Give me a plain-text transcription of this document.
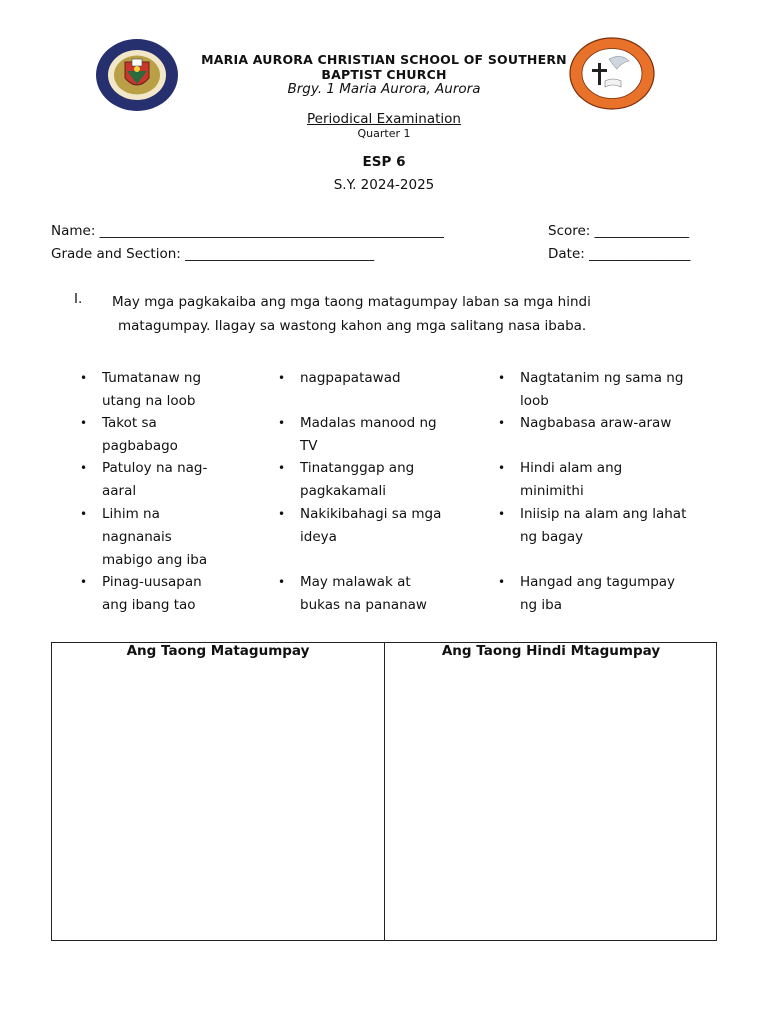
MARIA AURORA CHRISTIAN SCHOOL OF SOUTHERN BAPTIST CHURCH
Brgy. 1 Maria Aurora, Aurora
Periodical Examination
Quarter 1
ESP 6
S.Y. 2024-2025
Name: ___________________________________________________	Score: ______________
Grade and Section: ____________________________	Date: _______________
I. May mga pagkakaiba ang mga taong matagumpay laban sa mga hindi
matagumpay. Ilagay sa wastong kahon ang mga salitang nasa ibaba.
• Tumatanaw ng
utang na loob
• Takot sa
pagbabago
• Patuloy na nag-
aaral
• Lihim na
nagnanais
mabigo ang iba
• Pinag-uusapan
ang ibang tao
• nagpapatawad
• Madalas manood ng
TV
• Tinatanggap ang
pagkakamali
• Nakikibahagi sa mga
ideya
• May malawak at
bukas na pananaw
• Nagtatanim ng sama ng
loob
• Nagbabasa araw-araw
• Hindi alam ang
minimithi
• Iniisip na alam ang lahat
ng bagay
• Hangad ang tagumpay
ng iba
Ang Taong Matagumpay	Ang Taong Hindi Mtagumpay
